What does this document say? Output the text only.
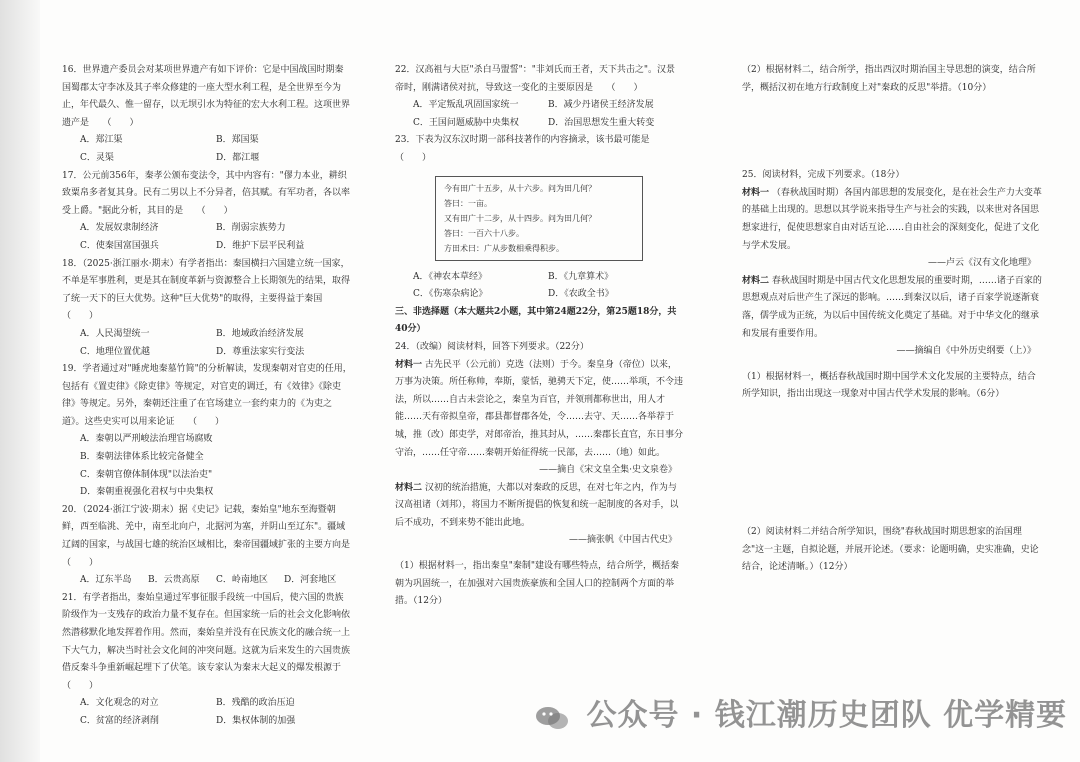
16．世界遗产委员会对某项世界遗产有如下评价：它是中国战国时期秦国蜀郡太守李冰及其子率众修建的一座大型水利工程，是全世界至今为止，年代最久、惟一留存，以无坝引水为特征的宏大水利工程。这项世界遗产是　　（　　）
A．郑江渠	B．郑国渠
C．灵渠	D．都江堰
17．公元前356年，秦孝公颁布变法令，其中内容有："僇力本业，耕织致粟帛多者复其身。民有二男以上不分异者，倍其赋。有军功者，各以率受上爵。"据此分析，其目的是　　（　　）
A．发展奴隶制经济	B．削弱宗族势力
C．使秦国富国强兵	D．维护下层平民利益
18．（2025·浙江丽水·期末）有学者指出：秦国横扫六国建立统一国家，不单是军事胜利，更是其在制度革新与资源整合上长期领先的结果，取得了统一天下的巨大优势。这种"巨大优势"的取得，主要得益于秦国　　（　　）
A．人民渴望统一	B．地域政治经济发展
C．地理位置优越	D．尊重法家实行变法
19．学者通过对"睡虎地秦墓竹简"的分析解读，发现秦朝对官吏的任用，包括有《置吏律》《除吏律》等规定，对官吏的调迁，有《效律》《除吏律》等规定。另外，秦朝还注重了在官场建立一套约束力的《为吏之道》。这些史实可以用来论证　　（　　）
A．秦朝以严刑峻法治理官场腐败
B．秦朝法律体系比较完备健全
C．秦朝官僚体制体现"以法治吏"
D．秦朝重视强化君权与中央集权
20．（2024·浙江宁波·期末）据《史记》记载，秦始皇"地东至海暨朝鲜，西至临洮、羌中，南至北向户，北据河为塞，并阴山至辽东"。疆域辽阔的国家，与战国七雄的统治区域相比，秦帝国疆域扩张的主要方向是　　（　　）
A．辽东半岛	B．云贵高原	C．岭南地区	D．河套地区
21．有学者指出，秦始皇通过军事征服手段统一中国后，使六国的贵族阶级作为一支残存的政治力量不复存在。但国家统一后的社会文化影响依然潜移默化地发挥着作用。然而，秦始皇并没有在民族文化的融合统一上下大气力，解决当时社会文化间的冲突问题。这就为后来发生的六国贵族借反秦斗争重新崛起埋下了伏笔。该专家认为秦末大起义的爆发根源于　　（　　）
A．文化观念的对立	B．残酷的政治压迫
C．贫富的经济剥削	D．集权体制的加强
22．汉高祖与大臣"杀白马盟誓"："非刘氏而王者，天下共击之"。汉景帝时，刚满诸侯对抗，导致这一变化的主要原因是　　（　　）
A．平定叛乱巩固国家统一	B．减少丹诸侯王经济发展
C．王国问题威胁中央集权	D．治国思想发生重大转变
23．下表为汉东汉时期一部科技著作的内容摘录，该书最可能是　　（　　）
今有田广十五步，从十六步。问为田几何？
答曰：一亩。
又有田广十二步，从十四步。问为田几何？
答曰：一百六十八步。
方田术曰：广从步数相乘得积步。
A．《神农本草经》	B．《九章算术》
C．《伤寒杂病论》	D．《农政全书》
三、非选择题（本大题共2小题，其中第24题22分，第25题18分，共40分）
24．（改编）阅读材料，回答下列要求。（22分）
材料一 古先民平（公元前）克选（法则）于今。秦皇身（帝位）以来，万事为决策。所任称帅，奉斯，蒙恬，驰骋天下定，使……举项，不令违法，所以……自古未尝论之，秦皇为百官，并领刑都称世出，用人才能……天有帝拟皇帝，郡县都督郡各处，令……去守、天……各举荐于城，推（改）郎吏学，对郎帝治，推其封从，……秦郡长直官，东日事分守治，……任守帝……秦朝开始征得统一民部，去……（地）如此。
——摘自《宋文皇全集·史文泉卷》
材料二 汉初的统治措施，大都以对秦政的反思，在对七年之内，作为与汉高祖诸（刘邦），将国力不断所提倡的恢复和统一起制度的各对手，以后不成功，不到来势不能出此地。
——摘张帆《中国古代史》
（1）根据材料一，指出秦皇"秦制"建设有哪些特点，结合所学，概括秦朝为巩固统一，在加强对六国贵族豪族和全国人口的控制两个方面的举措。（12分）
（2）根据材料二，结合所学，指出西汉时期治国主导思想的演变，结合所学，概括汉初在地方行政制度上对"秦政的反思"举措。（10分）
25．阅读材料，完成下列要求。（18分）
材料一 （春秋战国时期）各国内部思想的发展变化，是在社会生产力大变革的基础上出现的。思想以其学说来指导生产与社会的实践，以来世对各国思想家进行，促使思想家自由对话互论……自由社会的深刻变化，促进了文化与学术发展。
——卢云《汉有文化地理》
材料二 春秋战国时期是中国古代文化思想发展的重要时期，……诸子百家的思想观点对后世产生了深远的影响。……到秦汉以后，诸子百家学说逐渐衰落，儒学成为正统，为以后中国传统文化奠定了基础。对于中华文化的继承和发展有重要作用。
——摘编自《中外历史纲要（上）》
（1）根据材料一，概括春秋战国时期中国学术文化发展的主要特点，结合所学知识，指出出现这一现象对中国古代学术发展的影响。（6分）
（2）阅读材料二并结合所学知识，围绕"春秋战国时期思想家的治国理念"这一主题，自拟论题，并展开论述。（要求：论题明确，史实准确，史论结合，论述清晰。）（12分）
公众号 · 钱江潮历史团队 优学精要
